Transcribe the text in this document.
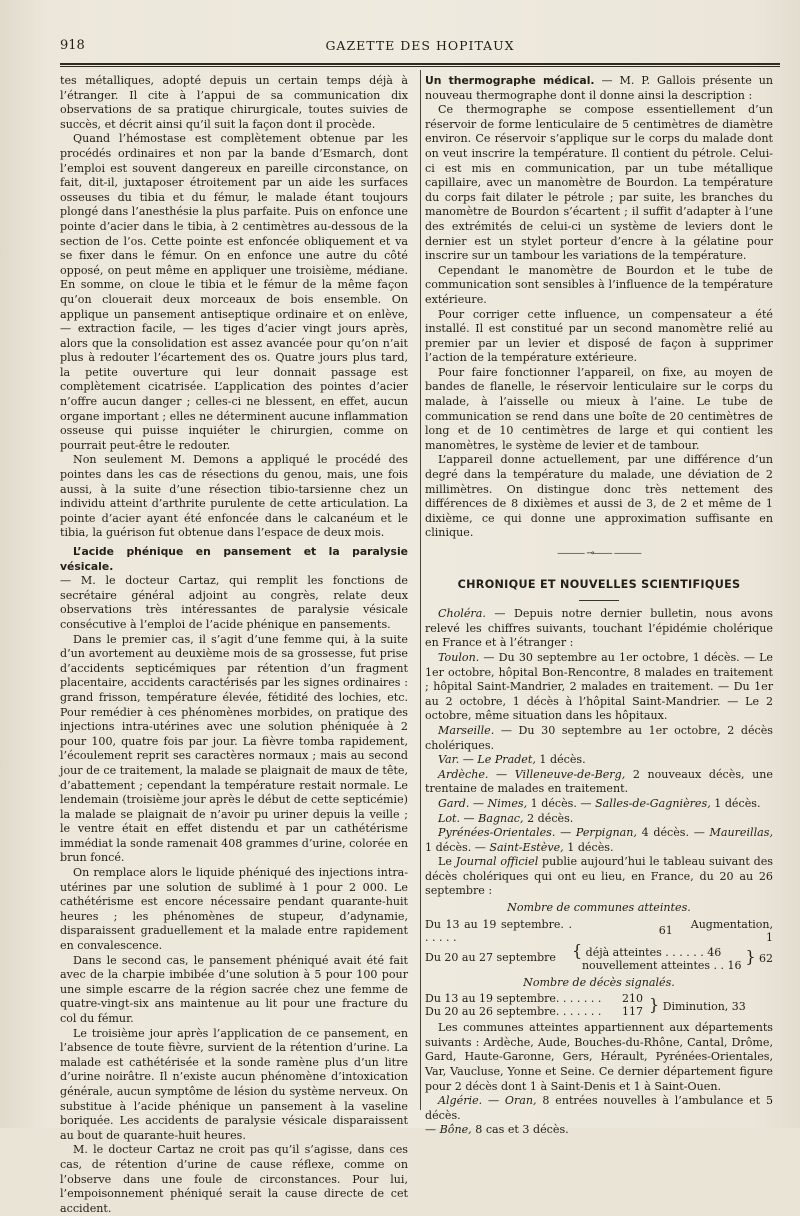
918	GAZETTE DES HOPITAUX

tes métalliques, adopté depuis un certain temps déjà à l’étranger. Il cite à l’appui de sa communication dix observations de sa pratique chirurgicale, toutes suivies de succès, et décrit ainsi qu’il suit la façon dont il procède.

Quand l’hémostase est complètement obtenue par les procédés ordinaires et non par la bande d’Esmarch, dont l’emploi est souvent dangereux en pareille circonstance, on fait, dit-il, juxtaposer étroitement par un aide les surfaces osseuses du tibia et du fémur, le malade étant toujours plongé dans l’anesthésie la plus parfaite. Puis on enfonce une pointe d’acier dans le tibia, à 2 centimètres au-dessous de la section de l’os. Cette pointe est enfoncée obliquement et va se fixer dans le fémur. On en enfonce une autre du côté opposé, on peut même en appliquer une troisième, médiane. En somme, on cloue le tibia et le fémur de la même façon qu’on clouerait deux morceaux de bois ensemble. On applique un pansement antiseptique ordinaire et on enlève, — extraction facile, — les tiges d’acier vingt jours après, alors que la consolidation est assez avancée pour qu’on n’ait plus à redouter l’écartement des os. Quatre jours plus tard, la petite ouverture qui leur donnait passage est complètement cicatrisée. L’application des pointes d’acier n’offre aucun danger ; celles-ci ne blessent, en effet, aucun organe important ; elles ne déterminent aucune inflammation osseuse qui puisse inquiéter le chirurgien, comme on pourrait peut-être le redouter.

Non seulement M. Demons a appliqué le procédé des pointes dans les cas de résections du genou, mais, une fois aussi, à la suite d’une résection tibio-tarsienne chez un individu atteint d’arthrite purulente de cette articulation. La pointe d’acier ayant été enfoncée dans le calcanéum et le tibia, la guérison fut obtenue dans l’espace de deux mois.

L’acide phénique en pansement et la paralysie vésicale.

— M. le docteur Cartaz, qui remplit les fonctions de secrétaire général adjoint au congrès, relate deux observations très intéressantes de paralysie vésicale consécutive à l’emploi de l’acide phénique en pansements.

Dans le premier cas, il s’agit d’une femme qui, à la suite d’un avortement au deuxième mois de sa grossesse, fut prise d’accidents septicémiques par rétention d’un fragment placentaire, accidents caractérisés par les signes ordinaires : grand frisson, température élevée, fétidité des lochies, etc. Pour remédier à ces phénomènes morbides, on pratique des injections intra-utérines avec une solution phéniquée à 2 pour 100, quatre fois par jour. La fièvre tomba rapidement, l’écoulement reprit ses caractères normaux ; mais au second jour de ce traitement, la malade se plaignait de maux de tête, d’abattement ; cependant la température restait normale. Le lendemain (troisième jour après le début de cette septicémie) la malade se plaignait de n’avoir pu uriner depuis la veille ; le ventre était en effet distendu et par un cathétérisme immédiat la sonde ramenait 408 grammes d’urine, colorée en brun foncé.

On remplace alors le liquide phéniqué des injections intra-utérines par une solution de sublimé à 1 pour 2 000. Le cathétérisme est encore nécessaire pendant quarante-huit heures ; les phénomènes de stupeur, d’adynamie, disparaissent graduellement et la malade entre rapidement en convalescence.

Dans le second cas, le pansement phéniqué avait été fait avec de la charpie imbibée d’une solution à 5 pour 100 pour une simple escarre de la région sacrée chez une femme de quatre-vingt-six ans maintenue au lit pour une fracture du col du fémur.

Le troisième jour après l’application de ce pansement, en l’absence de toute fièvre, survient de la rétention d’urine. La malade est cathétérisée et la sonde ramène plus d’un litre d’urine noirâtre. Il n’existe aucun phénomène d’intoxication générale, aucun symptôme de lésion du système nerveux. On substitue à l’acide phénique un pansement à la vaseline boriquée. Les accidents de paralysie vésicale disparaissent au bout de quarante-huit heures.

M. le docteur Cartaz ne croit pas qu’il s’agisse, dans ces cas, de rétention d’urine de cause réflexe, comme on l’observe dans une foule de circonstances. Pour lui, l’empoisonnement phéniqué serait la cause directe de cet accident.

Un thermographe médical. — M. P. Gallois présente un nouveau thermographe dont il donne ainsi la description :

Ce thermographe se compose essentiellement d’un réservoir de forme lenticulaire de 5 centimètres de diamètre environ. Ce réservoir s’applique sur le corps du malade dont on veut inscrire la température. Il contient du pétrole. Celui-ci est mis en communication, par un tube métallique capillaire, avec un manomètre de Bourdon. La température du corps fait dilater le pétrole ; par suite, les branches du manomètre de Bourdon s’écartent ; il suffit d’adapter à l’une des extrémités de celui-ci un système de leviers dont le dernier est un stylet porteur d’encre à la gélatine pour inscrire sur un tambour les variations de la température.

Cependant le manomètre de Bourdon et le tube de communication sont sensibles à l’influence de la température extérieure.

Pour corriger cette influence, un compensateur a été installé. Il est constitué par un second manomètre relié au premier par un levier et disposé de façon à supprimer l’action de la température extérieure.

Pour faire fonctionner l’appareil, on fixe, au moyen de bandes de flanelle, le réservoir lenticulaire sur le corps du malade, à l’aisselle ou mieux à l’aine. Le tube de communication se rend dans une boîte de 20 centimètres de long et de 10 centimètres de large et qui contient les manomètres, le système de levier et de tambour.

L’appareil donne actuellement, par une différence d’un degré dans la température du malade, une déviation de 2 millimètres. On distingue donc très nettement des différences de 8 dixièmes et aussi de 3, de 2 et même de 1 dixième, ce qui donne une approximation suffisante en clinique.

——— ⊸—— ———
CHRONIQUE ET NOUVELLES SCIENTIFIQUES

Choléra. — Depuis notre dernier bulletin, nous avons relevé les chiffres suivants, touchant l’épidémie cholérique en France et à l’étranger :

Toulon. — Du 30 septembre au 1er octobre, 1 décès. — Le 1er octobre, hôpital Bon-Rencontre, 8 malades en traitement ; hôpital Saint-Mandrier, 2 malades en traitement. — Du 1er au 2 octobre, 1 décès à l’hôpital Saint-Mandrier. — Le 2 octobre, même situation dans les hôpitaux.

Marseille. — Du 30 septembre au 1er octobre, 2 décès cholériques.

Var. — Le Pradet, 1 décès.

Ardèche. — Villeneuve-de-Berg, 2 nouveaux décès, une trentaine de malades en traitement.

Gard. — Nimes, 1 décès. — Salles-de-Gagnières, 1 décès.

Lot. — Bagnac, 2 décès.

Pyrénées-Orientales. — Perpignan, 4 décès. — Maureillas, 1 décès. — Saint-Estève, 1 décès.

Le Journal officiel publie aujourd’hui le tableau suivant des décès cholériques qui ont eu lieu, en France, du 20 au 26 septembre :

Nombre de communes atteintes.
Du 13 au 19 septembre. . . . . . .	61	Augmentation, 1	
Du 20 au 27 septembre	{ déjà atteintes . . . . . . 46		} 62
	nouvellement atteintes . . 16		
Nombre de décès signalés.
Du 13 au 19 septembre. . . . . . .	210	} Diminution, 33
Du 20 au 26 septembre. . . . . . .	117	

Les communes atteintes appartiennent aux départements suivants : Ardèche, Aude, Bouches-du-Rhône, Cantal, Drôme, Gard, Haute-Garonne, Gers, Hérault, Pyrénées-Orientales, Var, Vaucluse, Yonne et Seine. Ce dernier département figure pour 2 décès dont 1 à Saint-Denis et 1 à Saint-Ouen.

Algérie. — Oran, 8 entrées nouvelles à l’ambulance et 5 décès.

— Bône, 8 cas et 3 décès.
